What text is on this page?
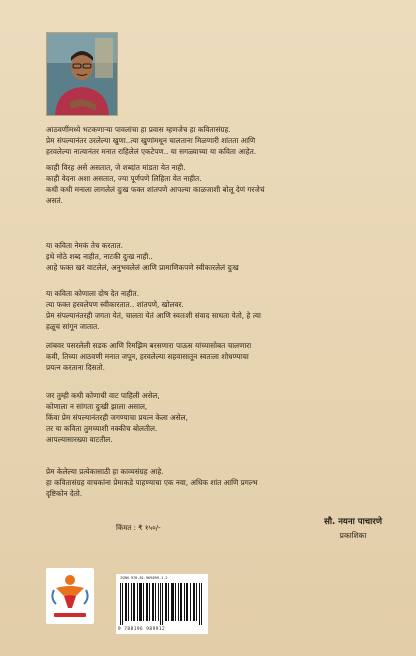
आठवणींमध्ये भटकणाऱ्या पावलांचा हा प्रवास म्हणजेच हा कवितासंग्रह.

प्रेम संपल्यानंतर उरलेल्या खुणा..त्या खुणांमधून चालताना मिळणारी शांतता आणि

हरवलेल्या नात्यानंतर मनात राहिलेलं एकटेपण.. या सगळ्याच्या या कविता आहेत.

काही विरह असे असतात, जे शब्दांत मांडता येत नाही.

काही वेदना अशा असतात, ज्या पूर्णपणे लिहिता येत नाहीत.

कधी कधी मनाला लागलेलं दुःख फक्त शांतपणे आपल्या काळजाशी बोलू देणं गरजेचं

असतं.

या कविता नेमकं तेच करतात.

इथे मोठे शब्द नाहीत, नाटकी दुःख नाही..

आहे फक्त खरं वाटलेलं, अनुभवलेलं आणि प्रामाणिकपणे स्वीकारलेलं दुःख

या कविता कोणाला दोष देत नाहीत.

त्या फक्त हरवलेपण स्वीकारतात.. शांतपणे, खोलवर.

प्रेम संपल्यानंतरही जगता येतं, चालता येतं आणि स्वतःशी संवाद साधता येतो, हे त्या

हळूच सांगून जातात.

लांबवर पसरलेली सडक आणि रिमझिम बरसणारा पाऊस यांच्यासोबत चालणारा

कवी, तिच्या आठवणी मनात जपून, हरवलेल्या सहवासातून स्वतःला शोधण्याचा

प्रयत्न करताना दिसतो.

जर तुम्ही कधी कोणाची वाट पाहिली असेल,

कोणाला न सांगता दुःखी झाला असाल,

किंवा प्रेम संपल्यानंतरही जगण्याचा प्रयत्न केला असेल,

तर या कविता तुमच्याशी नक्कीच बोलतील.

आपल्यासारख्या वाटतील.

प्रेम केलेल्या प्रत्येकासाठी हा काव्यसंग्रह आहे.

हा कवितासंग्रह वाचकांना प्रेमाकडे पाहण्याचा एक नवा, अधिक शांत आणि प्रगल्भ

दृष्टिकोन देतो.

किंमत : ₹ १५०/-
सौ. नयना पाचारणे
प्रकाशिका
ISBN 978-81-969899-1-2
9 788196 989912
